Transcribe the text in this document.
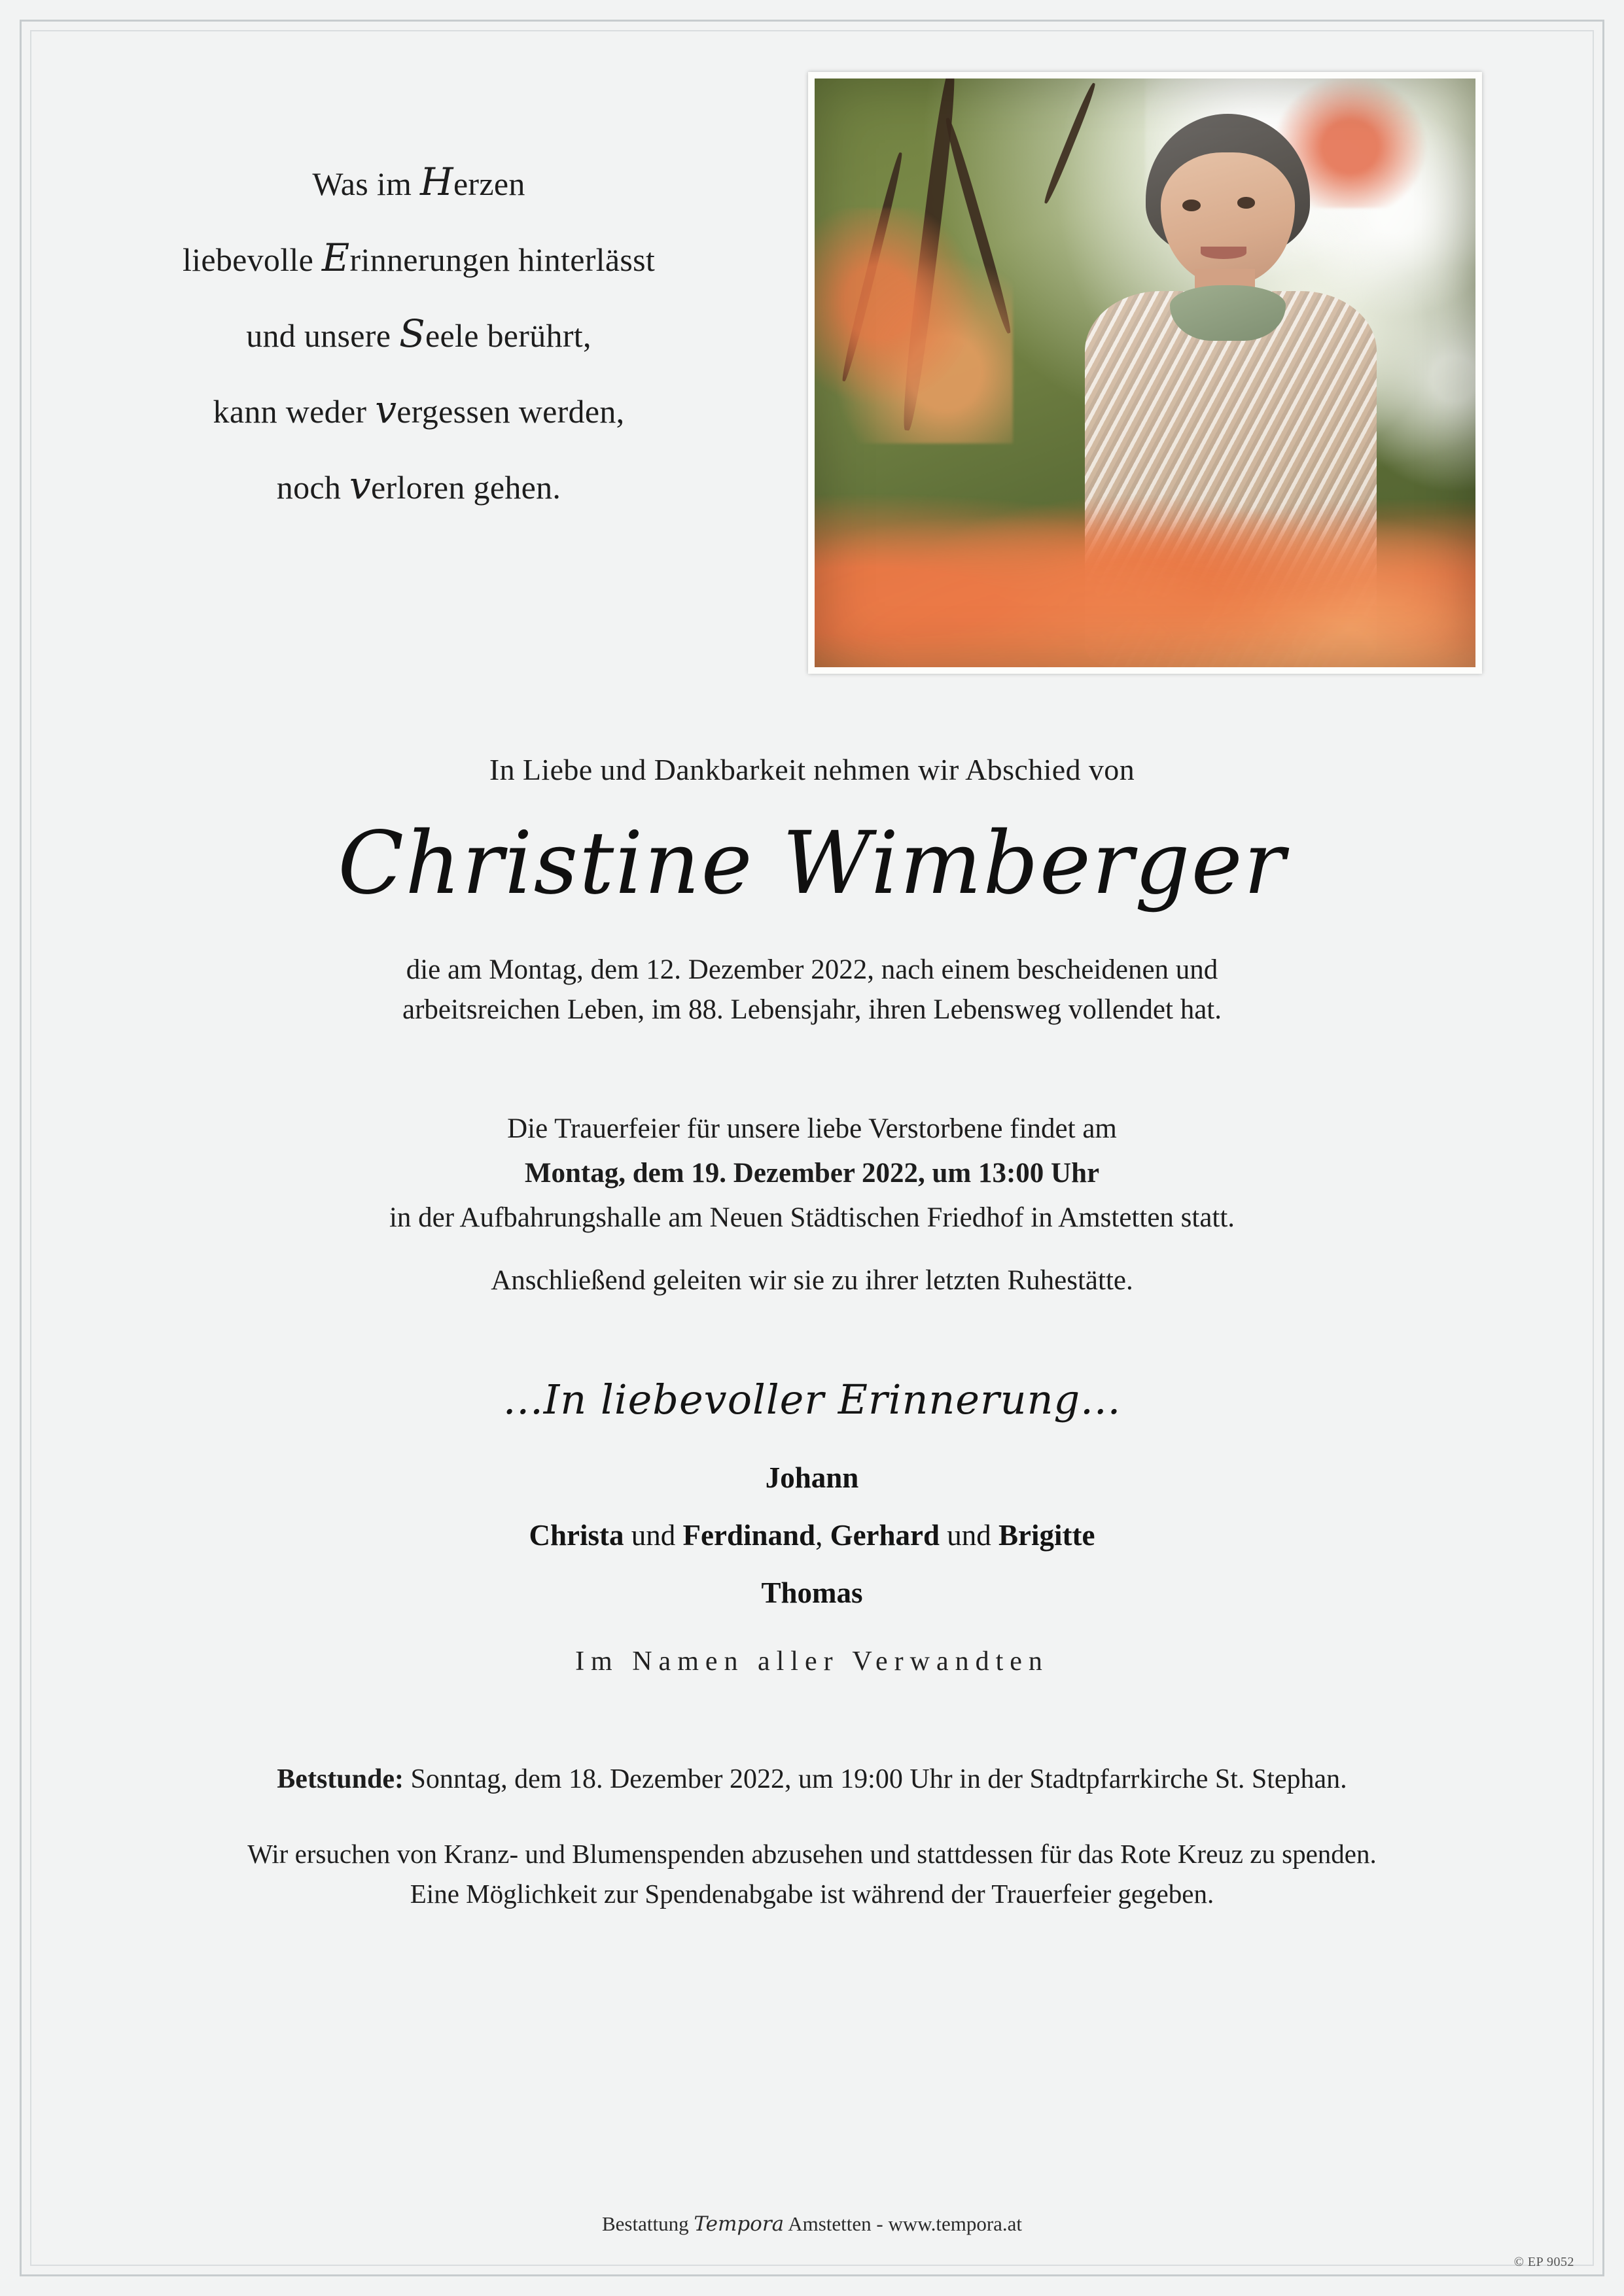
Was im Herzen
liebevolle Erinnerungen hinterlässt
und unsere Seele berührt,
kann weder vergessen werden,
noch verloren gehen.
In Liebe und Dankbarkeit nehmen wir Abschied von
Christine Wimberger
die am Montag, dem 12. Dezember 2022, nach einem bescheidenen und
arbeitsreichen Leben, im 88. Lebensjahr, ihren Lebensweg vollendet hat.
Die Trauerfeier für unsere liebe Verstorbene findet am
Montag, dem 19. Dezember 2022, um 13:00 Uhr
in der Aufbahrungshalle am Neuen Städtischen Friedhof in Amstetten statt.
Anschließend geleiten wir sie zu ihrer letzten Ruhestätte.
...In liebevoller Erinnerung...
Johann
Christa und Ferdinand, Gerhard und Brigitte
Thomas
Im Namen aller Verwandten
Betstunde: Sonntag, dem 18. Dezember 2022, um 19:00 Uhr in der Stadtpfarrkirche St. Stephan.
Wir ersuchen von Kranz- und Blumenspenden abzusehen und stattdessen für das Rote Kreuz zu spenden.
Eine Möglichkeit zur Spendenabgabe ist während der Trauerfeier gegeben.
Bestattung Tempora Amstetten - www.tempora.at
© EP 9052
